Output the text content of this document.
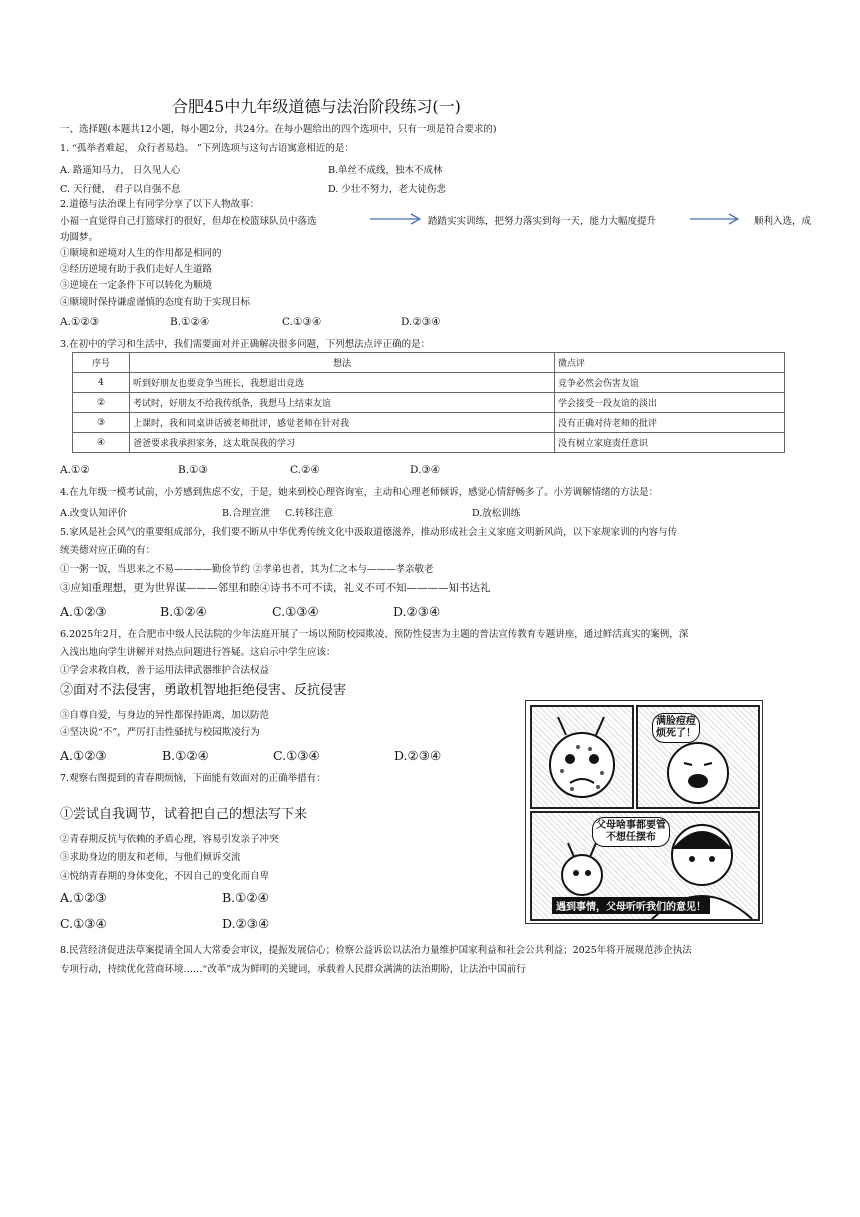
合肥45中九年级道德与法治阶段练习(一)
一、选择题(本题共12小题，每小题2分，共24分。在每小题给出的四个选项中，只有一项是符合要求的)
1. “孤举者难起， 众行者易趋。 ”下列选项与这句古语寓意相近的是：
A. 路遥知马力， 日久见人心	B.单丝不成线，独木不成林
C. 天行健， 君子以自强不息	D. 少壮不努力，老大徒伤悲
2.道德与法治课上有同学分享了以下人物故事：
小福一直觉得自己打篮球打的很好，但却在校篮球队员中落选	踏踏实实训练，把努力落实到每一天，能力大幅度提升	顺利入选，成
功圆梦。
①顺境和逆境对人生的作用都是相同的
②经历逆境有助于我们走好人生道路
③逆境在一定条件下可以转化为顺境
④顺境时保持谦虚谨慎的态度有助于实现目标
A.①②③	B.①②④	C.①③④	D.②③④
3.在初中的学习和生活中，我们需要面对并正确解决很多问题，下列想法点评正确的是：
序号	想法	微点评
4	听到好朋友也要竞争当班长，我想退出竞选	竞争必然会伤害友谊
②	考试时，好朋友不给我传纸条，我想马上结束友谊	学会接受一段友谊的淡出
③	上课时，我和同桌讲话被老师批评，感觉老师在针对我	没有正确对待老师的批评
④	爸爸要求我承担家务，这太耽误我的学习	没有树立家庭责任意识
A.①②	B.①③	C.②④	D.③④
4.在九年级一模考试前，小芳感到焦虑不安，于是，她来到校心理咨询室，主动和心理老师倾诉，感觉心情舒畅多了。小芳调解情绪的方法是：
A.改变认知评价	B.合理宣泄 C.转移注意	D.放松训练
5.家风是社会风气的重要组成部分，我们要不断从中华优秀传统文化中汲取道德滋养，推动形成社会主义家庭文明新风尚，以下家规家训的内容与传
统美德对应正确的有：
①一粥一饭，当思来之不易————勤俭节约 ②孝弟也者，其为仁之本与———孝亲敬老
③应知重理想，更为世界谋———邻里和睦④诗书不可不读，礼义不可不知————知书达礼
A.①②③	B.①②④	C.①③④	D.②③④
6.2025年2月，在合肥市中级人民法院的少年法庭开展了一场以预防校园欺凌、预防性侵害为主题的普法宣传教育专题讲座，通过鲜活真实的案例，深
入浅出地向学生讲解并对热点问题进行答疑。这启示中学生应该：
①学会求救自救，善于运用法律武器维护合法权益
②面对不法侵害，勇敢机智地拒绝侵害、反抗侵害
③自尊自爱，与身边的异性都保持距离，加以防范
④坚决说“不”，严厉打击性骚扰与校园欺凌行为
A.①②③	B.①②④	C.①③④	D.②③④
7.观察右图提到的青春期烦恼，下面能有效面对的正确举措有：
①尝试自我调节，试着把自己的想法写下来
②青春期反抗与依赖的矛盾心理，容易引发亲子冲突
③求助身边的朋友和老师，与他们倾诉交流
④悦纳青春期的身体变化，不因自己的变化而自卑
A.①②③	B.①②④
C.①③④	D.②③④
满脸痘痘
烦死了！
父母啥事都要管
不想任摆布
遇到事情，父母听听我们的意见！
8.民营经济促进法草案提请全国人大常委会审议，提振发展信心；检察公益诉讼以法治力量维护国家利益和社会公共利益；2025年将开展规范涉企执法
专项行动，持续优化营商环境……“改革”成为鲜明的关键词，承载着人民群众满满的法治期盼，让法治中国前行
